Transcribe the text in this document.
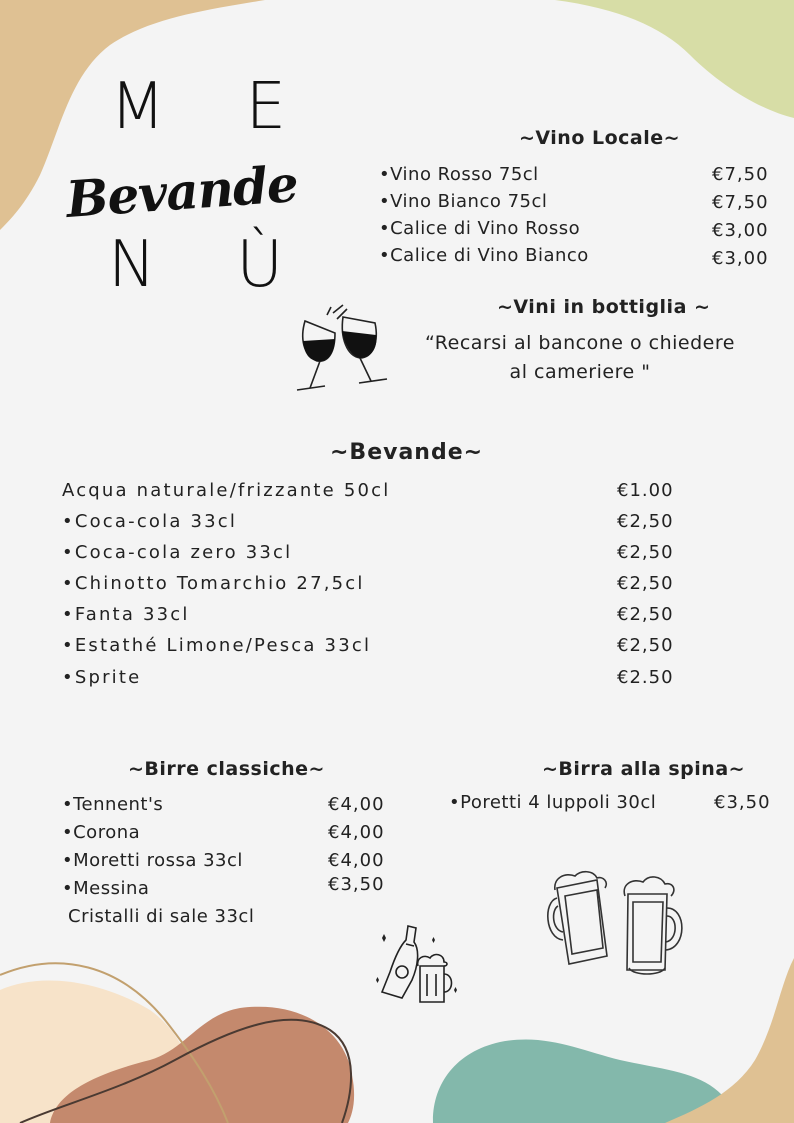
M E
Bevande
N Ù
~Vino Locale~
•Vino Rosso 75cl	€7,50
•Vino Bianco 75cl	€7,50
•Calice di Vino Rosso	€3,00
•Calice di Vino Bianco	€3,00
~Vini in bottiglia ~
“Recarsi al bancone o chiedere
al cameriere "
~Bevande~
Acqua naturale/frizzante 50cl	€1.00
•Coca-cola 33cl	€2,50
•Coca-cola zero 33cl	€2,50
•Chinotto Tomarchio 27,5cl	€2,50
•Fanta 33cl	€2,50
•Estathé Limone/Pesca 33cl	€2,50
•Sprite	€2.50
~Birre classiche~
•Tennent's	€4,00
•Corona	€4,00
•Moretti rossa 33cl	€4,00
•Messina	€3,50
Cristalli di sale 33cl
~Birra alla spina~
•Poretti 4 luppoli 30cl	€3,50
